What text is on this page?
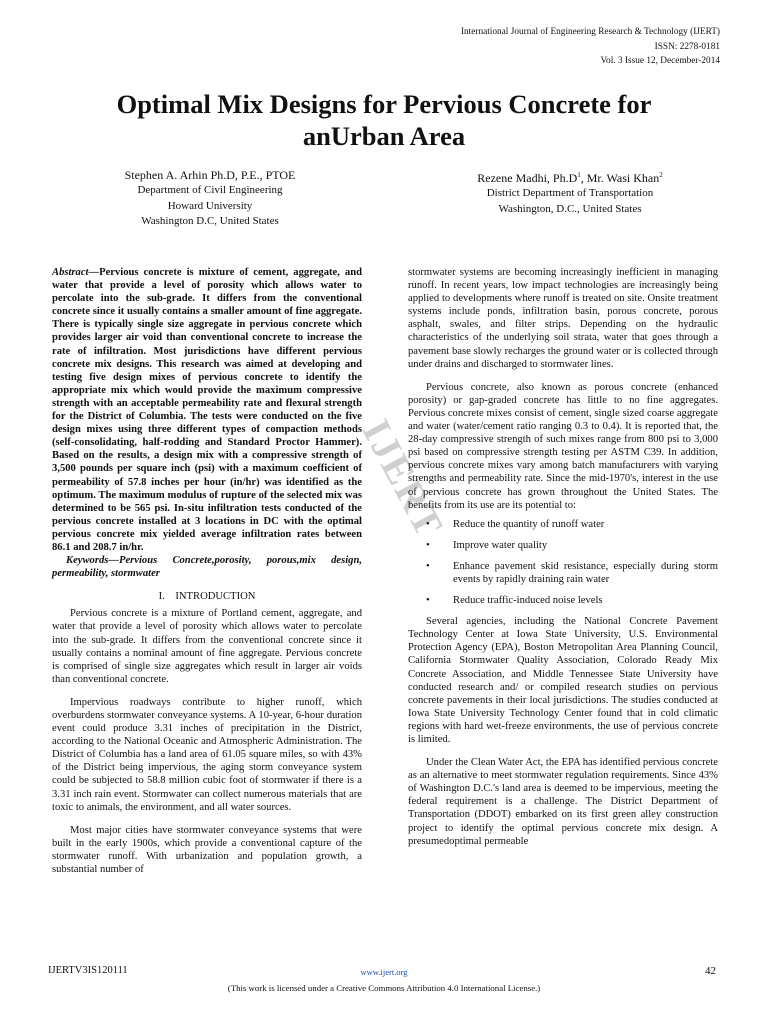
International Journal of Engineering Research & Technology (IJERT)
ISSN: 2278-0181
Vol. 3 Issue 12, December-2014
Optimal Mix Designs for Pervious Concrete for
anUrban Area
Stephen A. Arhin Ph.D, P.E., PTOE
Department of Civil Engineering
Howard University
Washington D.C, United States
Rezene Madhi, $Ph.D^1$, Mr. Wasi Khan$^2$
District Department of Transportation
Washington, D.C., United States
IJERT

Abstract—Pervious concrete is mixture of cement, aggregate, and water that provide a level of porosity which allows water to percolate into the sub-grade. It differs from the conventional concrete since it usually contains a smaller amount of fine aggregate. There is typically single size aggregate in pervious concrete which provides larger air void than conventional concrete to increase the rate of infiltration. Most jurisdictions have different pervious concrete mix designs. This research was aimed at developing and testing five design mixes of pervious concrete to identify the appropriate mix which would provide the maximum compressive strength with an acceptable permeability rate and flexural strength for the District of Columbia. The tests were conducted on the five design mixes using three different types of compaction methods (self-consolidating, half-rodding and Standard Proctor Hammer). Based on the results, a design mix with a compressive strength of 3,500 pounds per square inch (psi) with a maximum coefficient of permeability of 57.8 inches per hour (in/hr) was identified as the optimum. The maximum modulus of rupture of the selected mix was determined to be 565 psi. In-situ infiltration tests conducted of the pervious concrete installed at 3 locations in DC with the optimal pervious concrete mix yielded average infiltration rates between 86.1 and 208.7 in/hr.

Keywords—Pervious Concrete,porosity, porous,mix design, permeability, stormwater

I. INTRODUCTION

Pervious concrete is a mixture of Portland cement, aggregate, and water that provide a level of porosity which allows water to percolate into the sub-grade. It differs from the conventional concrete since it usually contains a nominal amount of fine aggregate. Pervious concrete is comprised of single size aggregates which result in larger air voids than conventional concrete.

Impervious roadways contribute to higher runoff, which overburdens stormwater conveyance systems. A 10-year, 6-hour duration event could produce 3.31 inches of precipitation in the District, according to the National Oceanic and Atmospheric Administration. The District of Columbia has a land area of 61.05 square miles, so with 43% of the District being impervious, the aging storm conveyance system could be subjected to 58.8 million cubic foot of stormwater if there is a 3.31 inch rain event. Stormwater can collect numerous materials that are toxic to animals, the environment, and all water sources.

Most major cities have stormwater conveyance systems that were built in the early 1900s, which provide a conventional capture of the stormwater runoff. With urbanization and population growth, a substantial number of

stormwater systems are becoming increasingly inefficient in managing runoff. In recent years, low impact technologies are increasingly being applied to developments where runoff is treated on site. Onsite treatment systems include ponds, infiltration basin, porous concrete, porous asphalt, swales, and filter strips. Depending on the hydraulic characteristics of the underlying soil strata, water that goes through a pavement base slowly recharges the ground water or is collected through under drains and discharged to stormwater lines.

Pervious concrete, also known as porous concrete (enhanced porosity) or gap-graded concrete has little to no fine aggregates. Pervious concrete mixes consist of cement, single sized coarse aggregate and water (water/cement ratio ranging 0.3 to 0.4). It is reported that, the 28-day compressive strength of such mixes range from 800 psi to 3,000 psi based on compressive strength testing per ASTM C39. In addition, pervious concrete mixes vary among batch manufacturers with varying strengths and permeability rate. Since the mid-1970's, interest in the use of pervious concrete has grown throughout the United States. The benefits from its use are its potential to:

• Reduce the quantity of runoff water
• Improve water quality
• Enhance pavement skid resistance, especially during storm events by rapidly draining rain water
• Reduce traffic-induced noise levels

Several agencies, including the National Concrete Pavement Technology Center at Iowa State University, U.S. Environmental Protection Agency (EPA), Boston Metropolitan Area Planning Council, California Stormwater Quality Association, Colorado Ready Mix Concrete Association, and Middle Tennessee State University have conducted research and/ or compiled research studies on pervious concrete pavements in their local jurisdictions. The studies conducted at Iowa State University Technology Center found that in cold climatic regions with hard wet-freeze environments, the use of pervious concrete is limited.

Under the Clean Water Act, the EPA has identified pervious concrete as an alternative to meet stormwater regulation requirements. Since 43% of Washington D.C.'s land area is deemed to be impervious, meeting the federal requirement is a challenge. The District Department of Transportation (DDOT) embarked on its first green alley construction project to identify the optimal pervious concrete mix design. A presumedoptimal permeable

IJERTV3IS120111	www.ijert.org	42
(This work is licensed under a Creative Commons Attribution 4.0 International License.)
